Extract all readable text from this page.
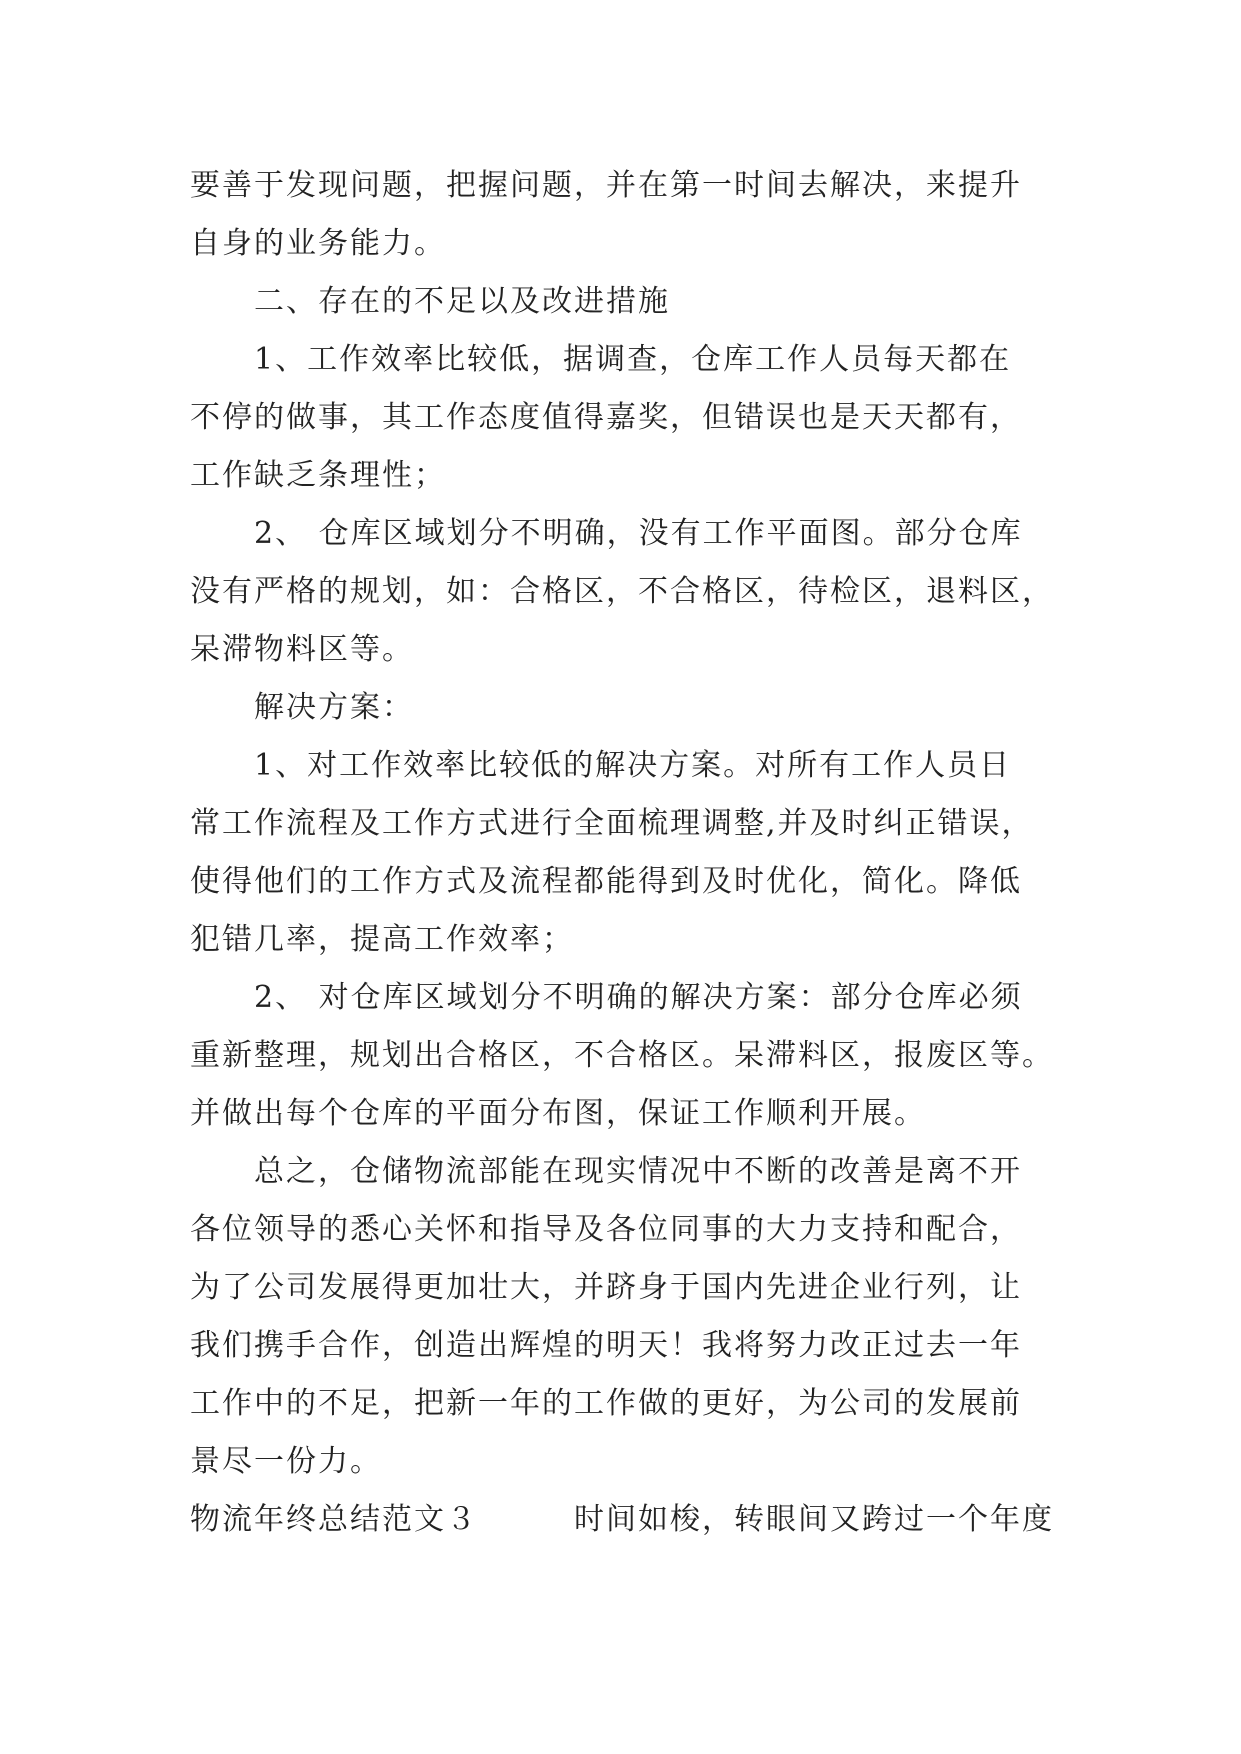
要善于发现问题，把握问题，并在第一时间去解决，来提升
自身的业务能力。
二、存在的不足以及改进措施
1、工作效率比较低，据调查，仓库工作人员每天都在
不停的做事，其工作态度值得嘉奖，但错误也是天天都有，
工作缺乏条理性；
2、 仓库区域划分不明确，没有工作平面图。部分仓库
没有严格的规划，如：合格区，不合格区，待检区，退料区，
呆滞物料区等。
解决方案：
1、对工作效率比较低的解决方案。对所有工作人员日
常工作流程及工作方式进行全面梳理调整,并及时纠正错误，
使得他们的工作方式及流程都能得到及时优化，简化。降低
犯错几率，提高工作效率；
2、 对仓库区域划分不明确的解决方案：部分仓库必须
重新整理，规划出合格区，不合格区。呆滞料区，报废区等。
并做出每个仓库的平面分布图，保证工作顺利开展。
总之，仓储物流部能在现实情况中不断的改善是离不开
各位领导的悉心关怀和指导及各位同事的大力支持和配合，
为了公司发展得更加壮大，并跻身于国内先进企业行列，让
我们携手合作，创造出辉煌的明天！我将努力改正过去一年
工作中的不足，把新一年的工作做的更好，为公司的发展前
景尽一份力。
物流年终总结范文３　　　时间如梭，转眼间又跨过一个年度
